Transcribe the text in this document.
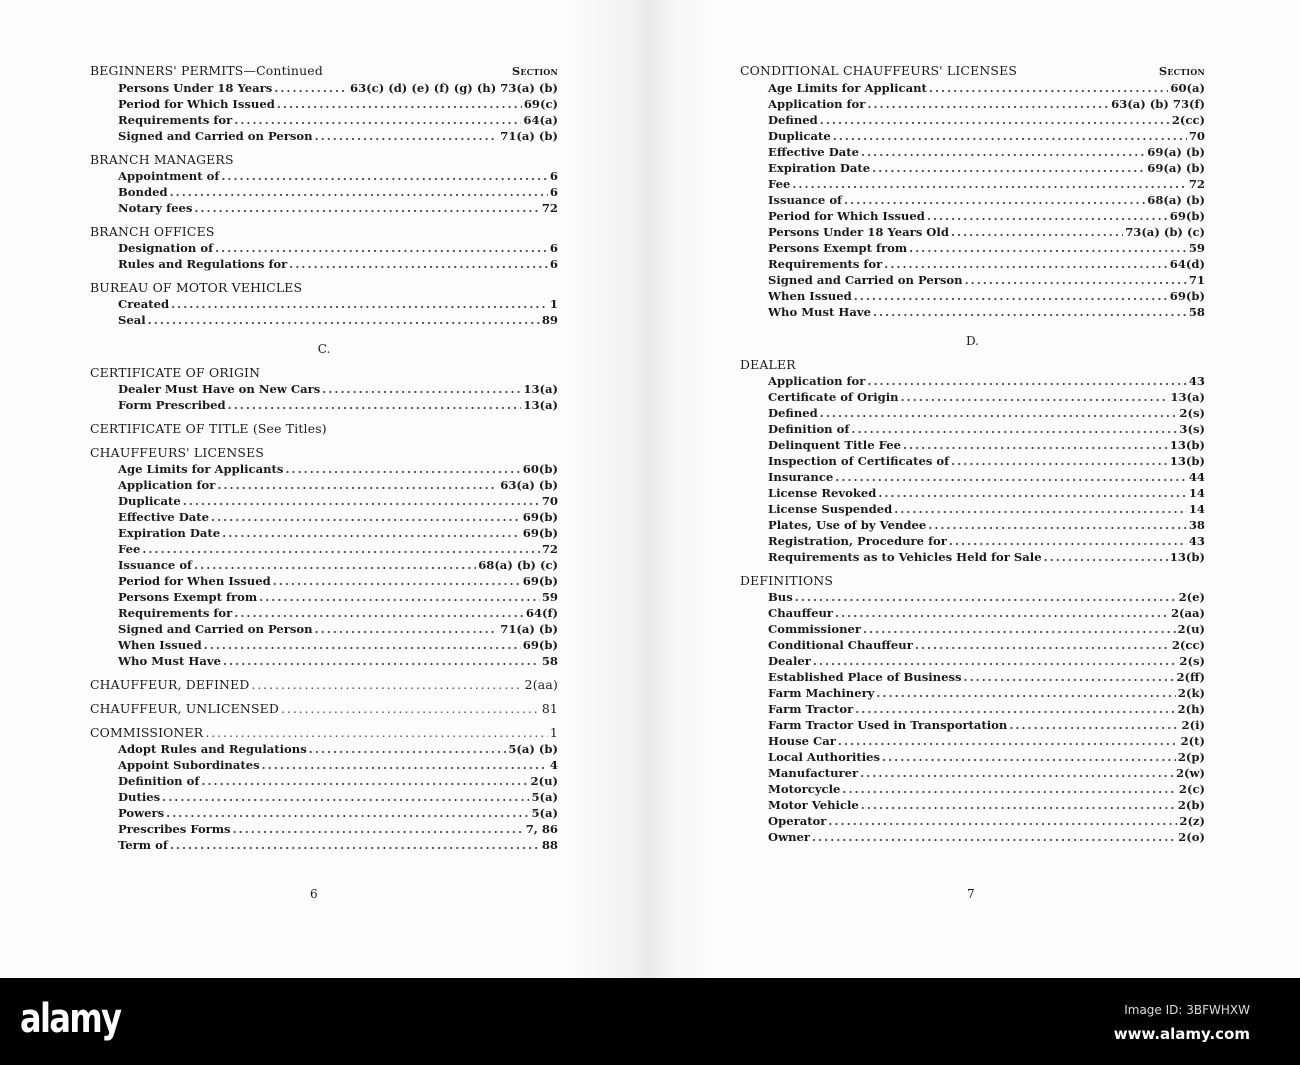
BEGINNERS' PERMITS—Continued	Section
Persons Under 18 Years . . .	63(c) (d) (e) (f) (g) (h) 73(a) (b)
Period for Which Issued . . .	69(c)
Requirements for . . .	64(a)
Signed and Carried on Person . . .	71(a) (b)
BRANCH MANAGERS
Appointment of . . .	6
Bonded . . .	6
Notary fees . . .	72
BRANCH OFFICES
Designation of . . .	6
Rules and Regulations for . . .	6
BUREAU OF MOTOR VEHICLES
Created . . .	1
Seal . . .	89
C.
CERTIFICATE OF ORIGIN
Dealer Must Have on New Cars . . .	13(a)
Form Prescribed . . .	13(a)
CERTIFICATE OF TITLE (See Titles)
CHAUFFEURS' LICENSES
Age Limits for Applicants . . .	60(b)
Application for . . .	63(a) (b)
Duplicate . . .	70
Effective Date . . .	69(b)
Expiration Date . . .	69(b)
Fee . . .	72
Issuance of . . .	68(a) (b) (c)
Period for When Issued . . .	69(b)
Persons Exempt from . . .	59
Requirements for . . .	64(f)
Signed and Carried on Person . . .	71(a) (b)
When Issued . . .	69(b)
Who Must Have . . .	58
CHAUFFEUR, DEFINED . . .	2(aa)
CHAUFFEUR, UNLICENSED . . .	81
COMMISSIONER . . .	1
Adopt Rules and Regulations . . .	5(a) (b)
Appoint Subordinates . . .	4
Definition of . . .	2(u)
Duties . . .	5(a)
Powers . . .	5(a)
Prescribes Forms . . .	7, 86
Term of . . .	88
CONDITIONAL CHAUFFEURS' LICENSES	Section
Age Limits for Applicant . . .	60(a)
Application for . . .	63(a) (b) 73(f)
Defined . . .	2(cc)
Duplicate . . .	70
Effective Date . . .	69(a) (b)
Expiration Date . . .	69(a) (b)
Fee . . .	72
Issuance of . . .	68(a) (b)
Period for Which Issued . . .	69(b)
Persons Under 18 Years Old . . .	73(a) (b) (c)
Persons Exempt from . . .	59
Requirements for . . .	64(d)
Signed and Carried on Person . . .	71
When Issued . . .	69(b)
Who Must Have . . .	58
D.
DEALER
Application for . . .	43
Certificate of Origin . . .	13(a)
Defined . . .	2(s)
Definition of . . .	3(s)
Delinquent Title Fee . . .	13(b)
Inspection of Certificates of . . .	13(b)
Insurance . . .	44
License Revoked . . .	14
License Suspended . . .	14
Plates, Use of by Vendee . . .	38
Registration, Procedure for . . .	43
Requirements as to Vehicles Held for Sale . . .	13(b)
DEFINITIONS
Bus . . .	2(e)
Chauffeur . . .	2(aa)
Commissioner . . .	2(u)
Conditional Chauffeur . . .	2(cc)
Dealer . . .	2(s)
Established Place of Business . . .	2(ff)
Farm Machinery . . .	2(k)
Farm Tractor . . .	2(h)
Farm Tractor Used in Transportation . . .	2(i)
House Car . . .	2(t)
Local Authorities . . .	2(p)
Manufacturer . . .	2(w)
Motorcycle . . .	2(c)
Motor Vehicle . . .	2(b)
Operator . . .	2(z)
Owner . . .	2(o)
6	7
alamy	Image ID: 3BFWHXW
www.alamy.com
